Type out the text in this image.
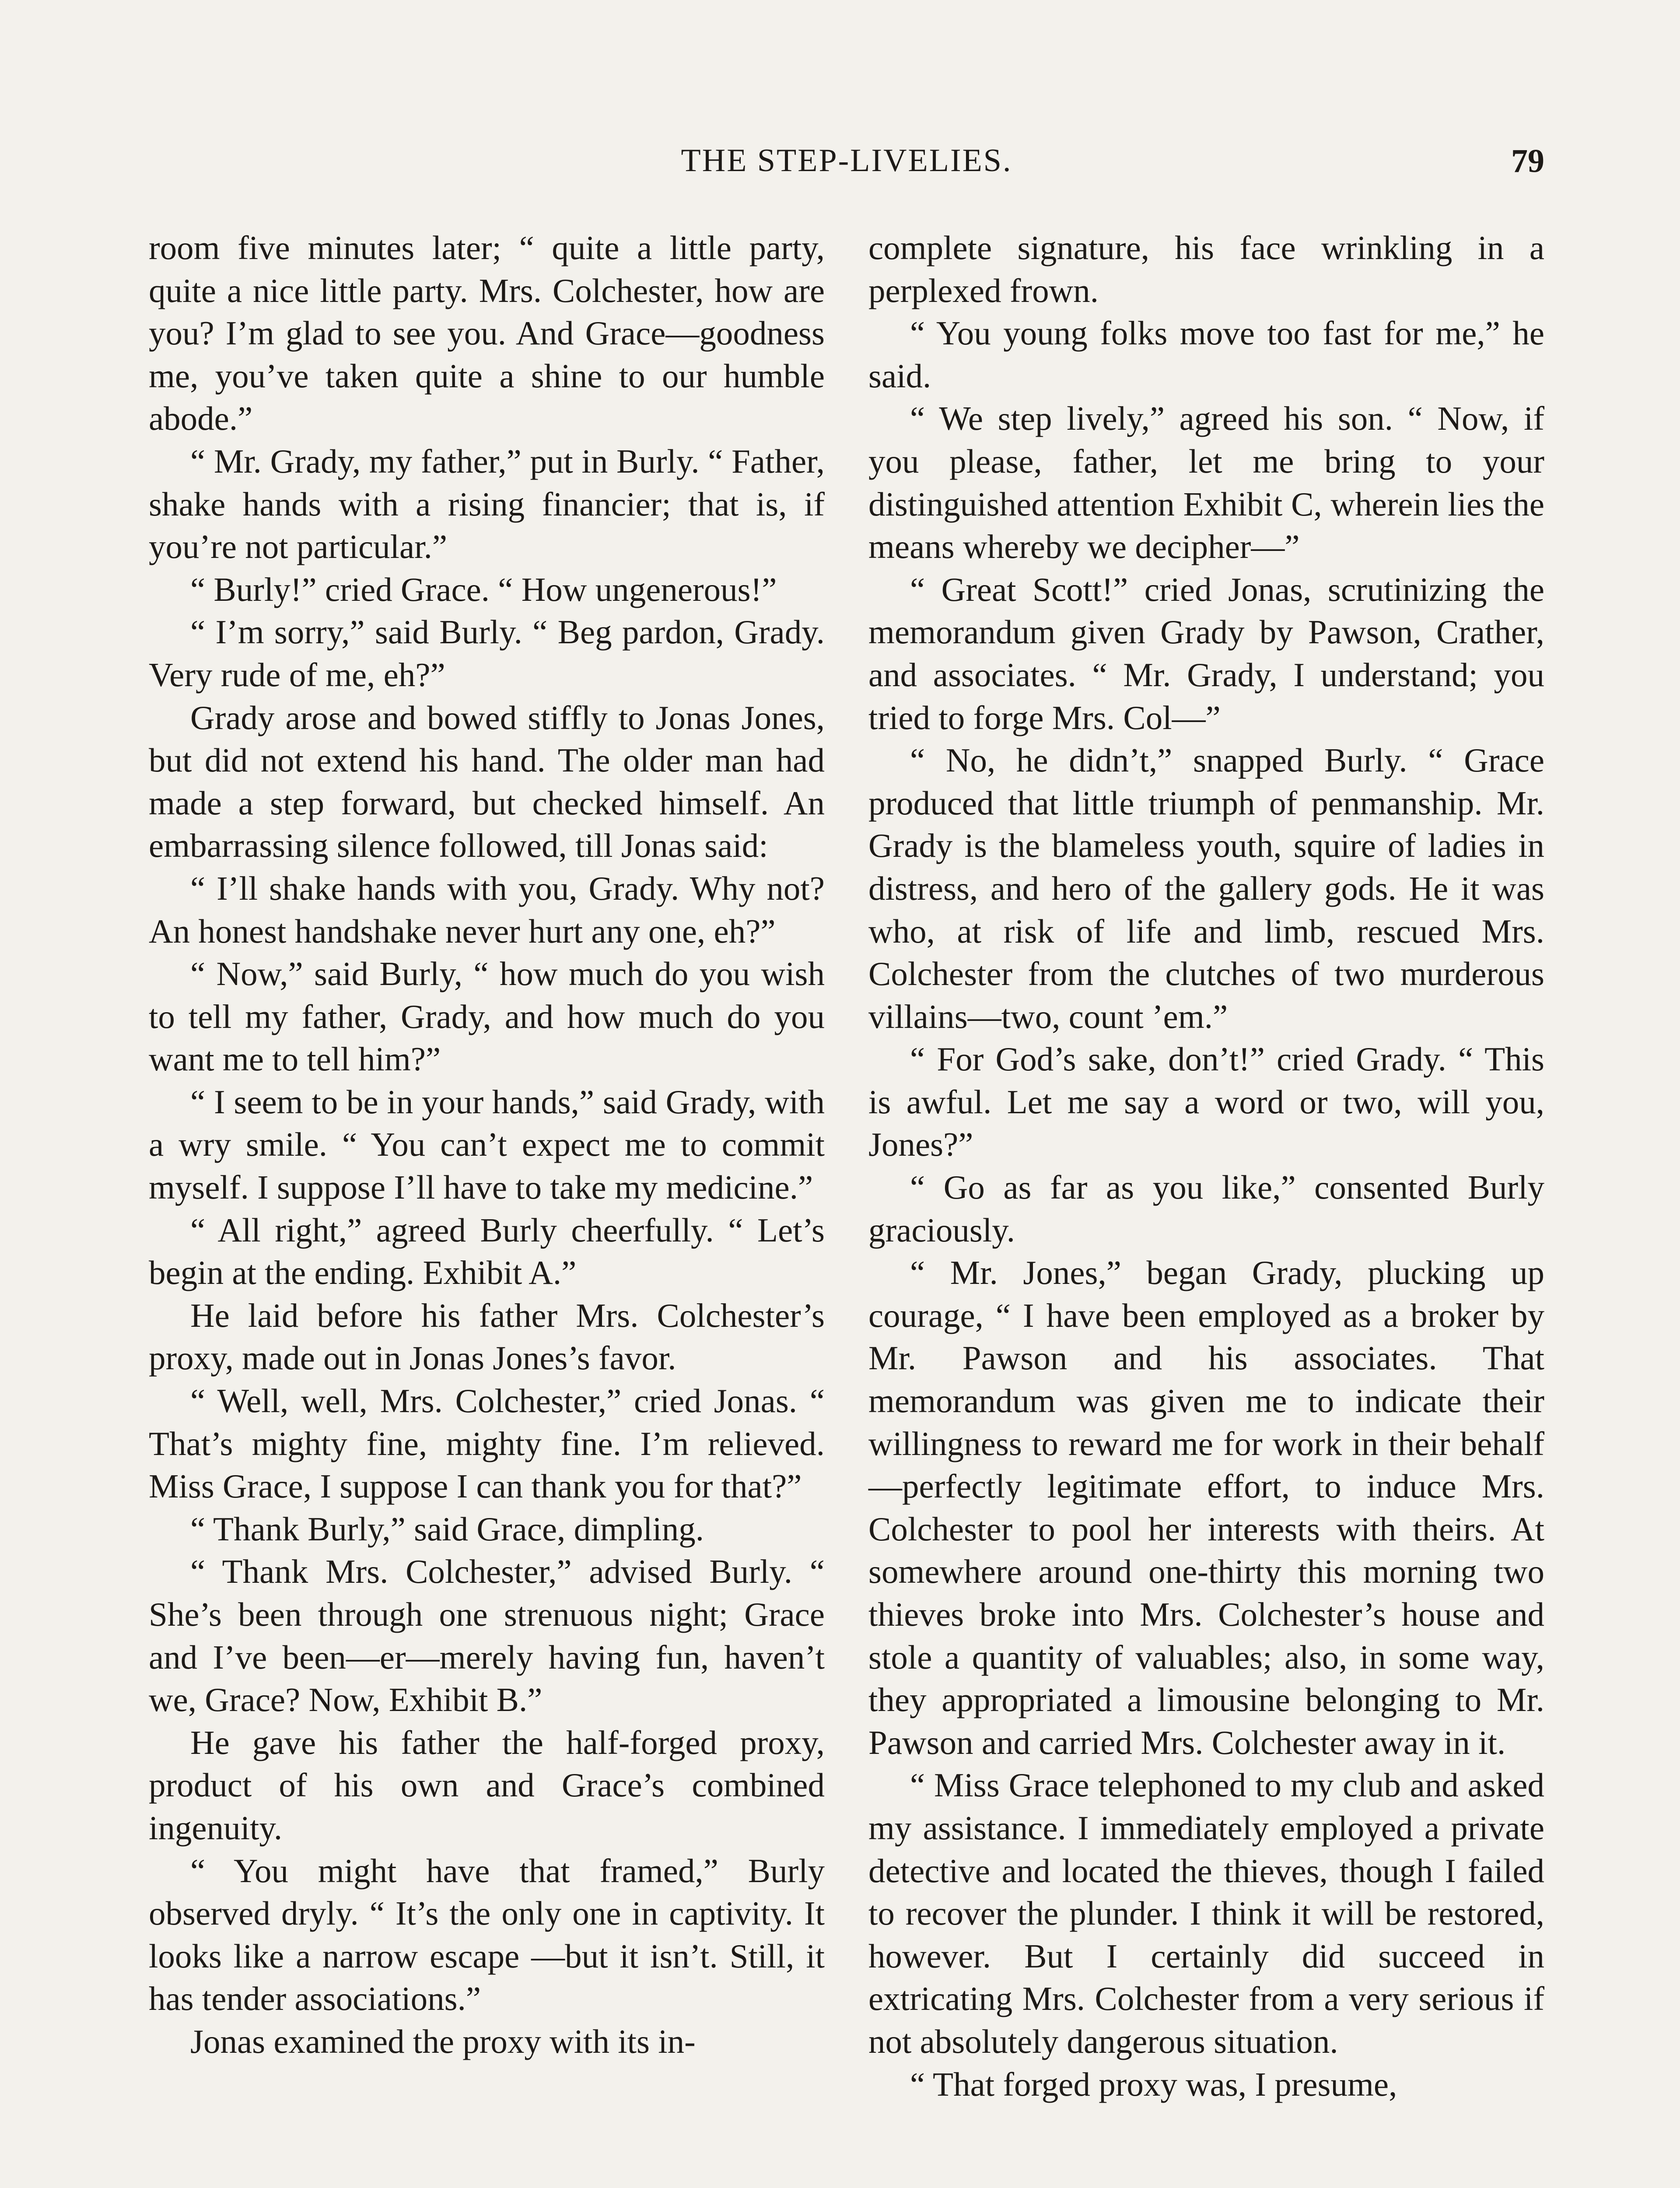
THE STEP-LIVELIES.	79

room five minutes later; “ quite a little party, quite a nice little party. Mrs. Colchester, how are you? I’m glad to see you. And Grace—goodness me, you’ve taken quite a shine to our humble abode.”

“ Mr. Grady, my father,” put in Burly. “ Father, shake hands with a rising financier; that is, if you’re not particular.”

“ Burly!” cried Grace. “ How ungenerous!”

“ I’m sorry,” said Burly. “ Beg pardon, Grady. Very rude of me, eh?”

Grady arose and bowed stiffly to Jonas Jones, but did not extend his hand. The older man had made a step forward, but checked himself. An embarrassing silence followed, till Jonas said:

“ I’ll shake hands with you, Grady. Why not? An honest handshake never hurt any one, eh?”

“ Now,” said Burly, “ how much do you wish to tell my father, Grady, and how much do you want me to tell him?”

“ I seem to be in your hands,” said Grady, with a wry smile. “ You can’t expect me to commit myself. I suppose I’ll have to take my medicine.”

“ All right,” agreed Burly cheerfully. “ Let’s begin at the ending. Exhibit A.”

He laid before his father Mrs. Colchester’s proxy, made out in Jonas Jones’s favor.

“ Well, well, Mrs. Colchester,” cried Jonas. “ That’s mighty fine, mighty fine. I’m relieved. Miss Grace, I suppose I can thank you for that?”

“ Thank Burly,” said Grace, dimpling.

“ Thank Mrs. Colchester,” advised Burly. “ She’s been through one strenuous night; Grace and I’ve been—er—merely having fun, haven’t we, Grace? Now, Exhibit B.”

He gave his father the half-forged proxy, product of his own and Grace’s combined ingenuity.

“ You might have that framed,” Burly observed dryly. “ It’s the only one in captivity. It looks like a narrow escape —but it isn’t. Still, it has tender associations.”

Jonas examined the proxy with its in-

complete signature, his face wrinkling in a perplexed frown.

“ You young folks move too fast for me,” he said.

“ We step lively,” agreed his son. “ Now, if you please, father, let me bring to your distinguished attention Exhibit C, wherein lies the means whereby we decipher—”

“ Great Scott!” cried Jonas, scrutinizing the memorandum given Grady by Pawson, Crather, and associates. “ Mr. Grady, I understand; you tried to forge Mrs. Col—”

“ No, he didn’t,” snapped Burly. “ Grace produced that little triumph of penmanship. Mr. Grady is the blameless youth, squire of ladies in distress, and hero of the gallery gods. He it was who, at risk of life and limb, rescued Mrs. Colchester from the clutches of two murderous villains—two, count ’em.”

“ For God’s sake, don’t!” cried Grady. “ This is awful. Let me say a word or two, will you, Jones?”

“ Go as far as you like,” consented Burly graciously.

“ Mr. Jones,” began Grady, plucking up courage, “ I have been employed as a broker by Mr. Pawson and his associates. That memorandum was given me to indicate their willingness to reward me for work in their behalf—perfectly legitimate effort, to induce Mrs. Colchester to pool her interests with theirs. At somewhere around one-thirty this morning two thieves broke into Mrs. Colchester’s house and stole a quantity of valuables; also, in some way, they appropriated a limousine belonging to Mr. Pawson and carried Mrs. Colchester away in it.

“ Miss Grace telephoned to my club and asked my assistance. I immediately employed a private detective and located the thieves, though I failed to recover the plunder. I think it will be restored, however. But I certainly did succeed in extricating Mrs. Colchester from a very serious if not absolutely dangerous situation.

“ That forged proxy was, I presume,
